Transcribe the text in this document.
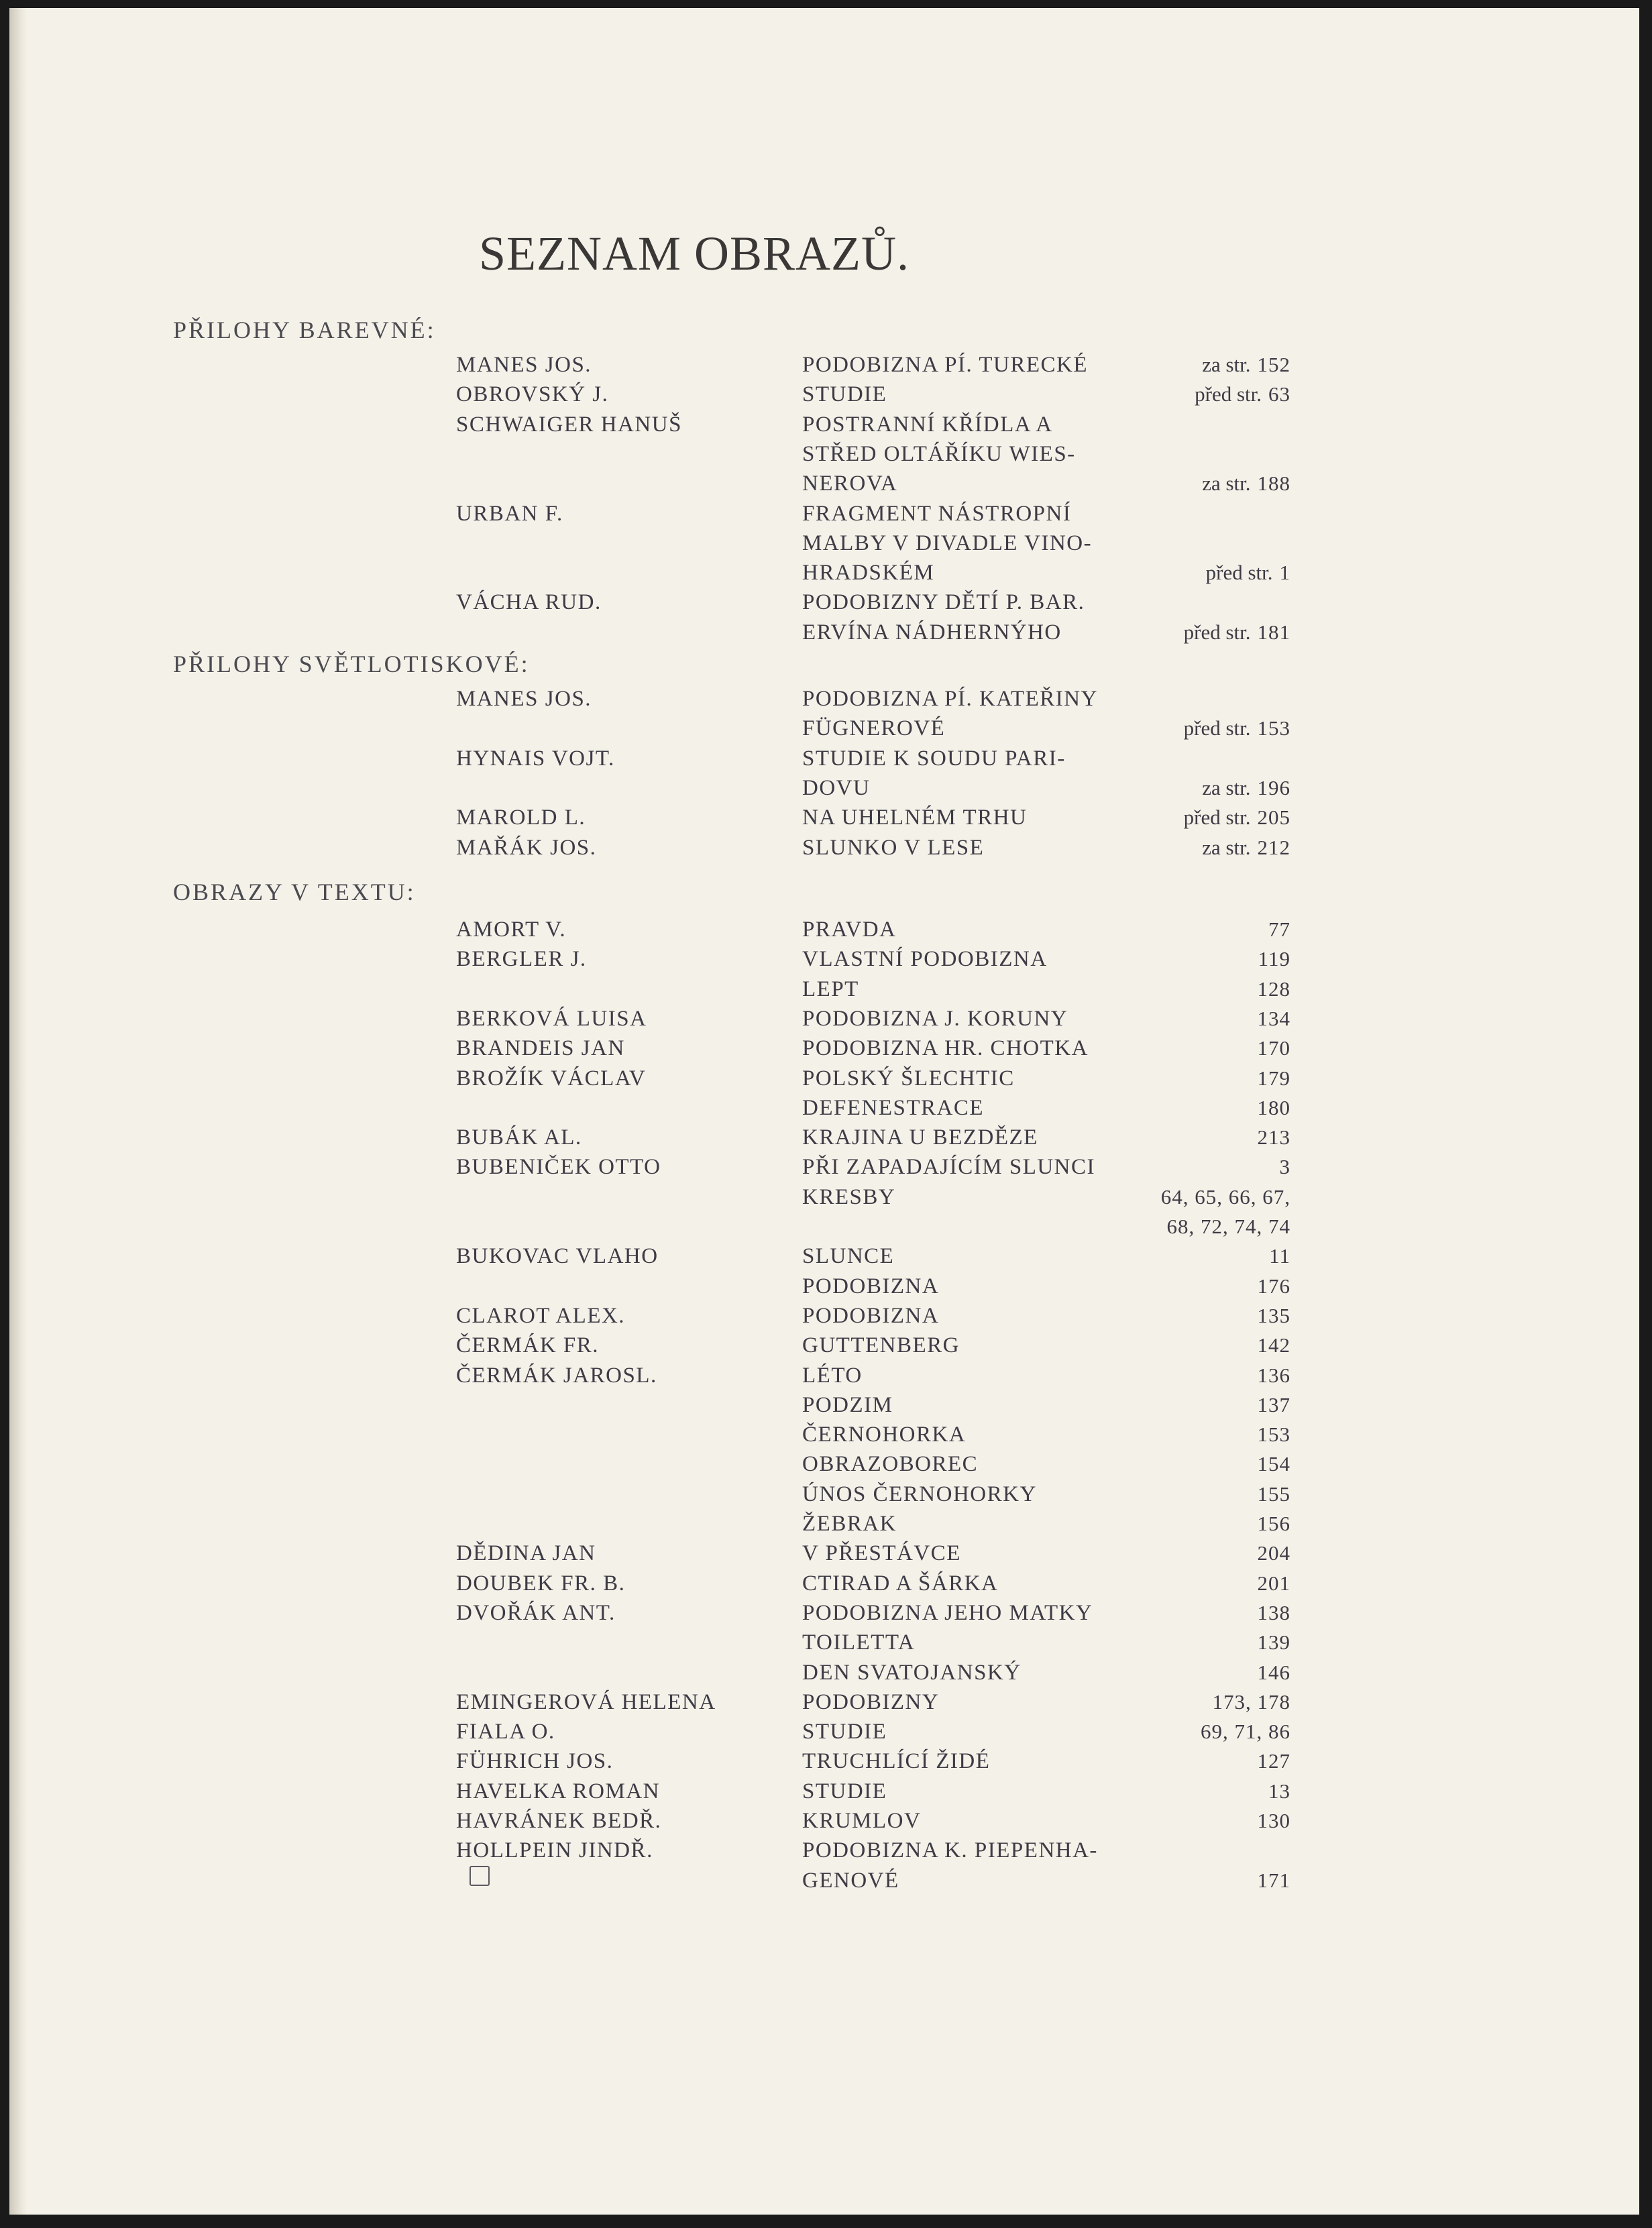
SEZNAM OBRAZŮ.
PŘILOHY BAREVNÉ:
MANES JOS.	PODOBIZNA PÍ. TURECKÉ	za str. 152
OBROVSKÝ J.	STUDIE	před str. 63
SCHWAIGER HANUŠ	POSTRANNÍ KŘÍDLA A
STŘED OLTÁŘÍKU WIES-
NEROVA	za str. 188
URBAN F.	FRAGMENT NÁSTROPNÍ
MALBY V DIVADLE VINO-
HRADSKÉM	před str. 1
VÁCHA RUD.	PODOBIZNY DĚTÍ P. BAR.
ERVÍNA NÁDHERNÝHO	před str. 181
PŘILOHY SVĚTLOTISKOVÉ:
MANES JOS.	PODOBIZNA PÍ. KATEŘINY
FÜGNEROVÉ	před str. 153
HYNAIS VOJT.	STUDIE K SOUDU PARI-
DOVU	za str. 196
MAROLD L.	NA UHELNÉM TRHU	před str. 205
MAŘÁK JOS.	SLUNKO V LESE	za str. 212
OBRAZY V TEXTU:
AMORT V.	PRAVDA	77
BERGLER J.	VLASTNÍ PODOBIZNA	119
LEPT	128
BERKOVÁ LUISA	PODOBIZNA J. KORUNY	134
BRANDEIS JAN	PODOBIZNA HR. CHOTKA	170
BROŽÍK VÁCLAV	POLSKÝ ŠLECHTIC	179
DEFENESTRACE	180
BUBÁK AL.	KRAJINA U BEZDĚZE	213
BUBENIČEK OTTO	PŘI ZAPADAJÍCÍM SLUNCI	3
KRESBY	64, 65, 66, 67,
68, 72, 74, 74
BUKOVAC VLAHO	SLUNCE	11
PODOBIZNA	176
CLAROT ALEX.	PODOBIZNA	135
ČERMÁK FR.	GUTTENBERG	142
ČERMÁK JAROSL.	LÉTO	136
PODZIM	137
ČERNOHORKA	153
OBRAZOBOREC	154
ÚNOS ČERNOHORKY	155
ŽEBRAK	156
DĚDINA JAN	V PŘESTÁVCE	204
DOUBEK FR. B.	CTIRAD A ŠÁRKA	201
DVOŘÁK ANT.	PODOBIZNA JEHO MATKY	138
TOILETTA	139
DEN SVATOJANSKÝ	146
EMINGEROVÁ HELENA	PODOBIZNY	173, 178
FIALA O.	STUDIE	69, 71, 86
FÜHRICH JOS.	TRUCHLÍCÍ ŽIDÉ	127
HAVELKA ROMAN	STUDIE	13
HAVRÁNEK BEDŘ.	KRUMLOV	130
HOLLPEIN JINDŘ.	PODOBIZNA K. PIEPENHA-
GENOVÉ	171
